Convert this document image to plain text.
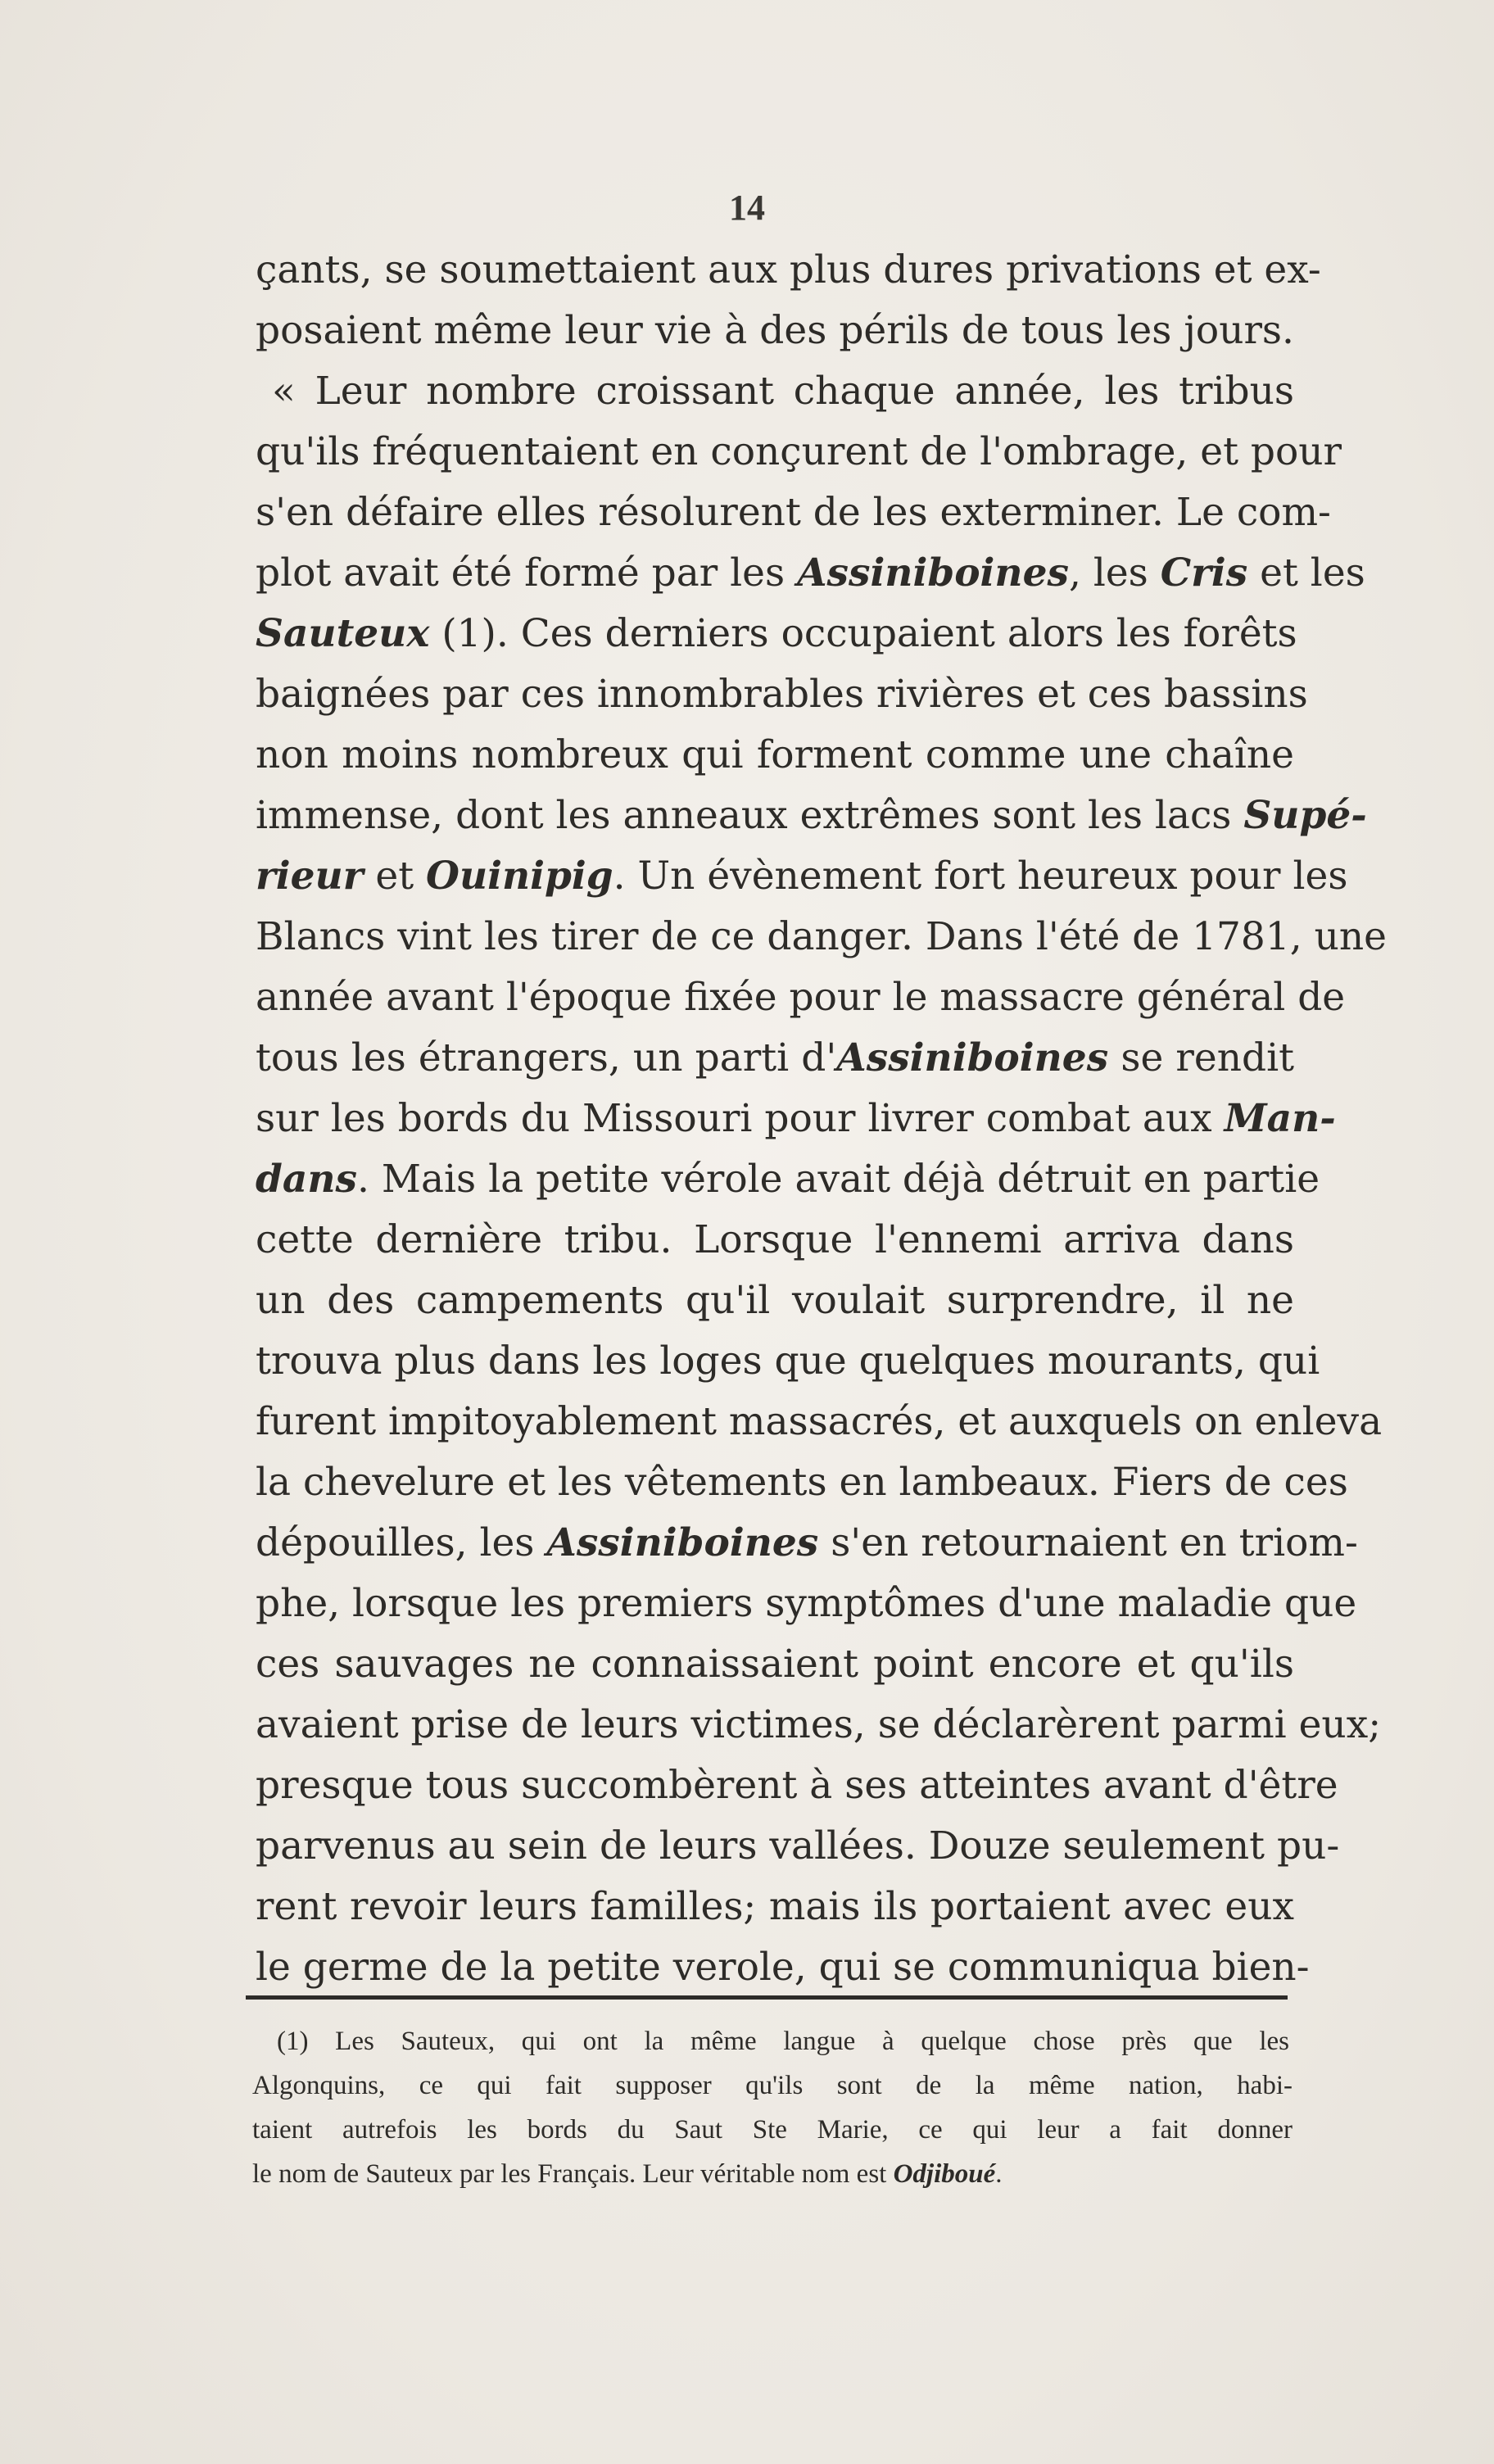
14
çants, se soumettaient aux plus dures privations et ex-
posaient même leur vie à des périls de tous les jours.
« Leur nombre croissant chaque année, les tribus
qu'ils fréquentaient en conçurent de l'ombrage, et pour
s'en défaire elles résolurent de les exterminer. Le com-
plot avait été formé par les Assiniboines, les Cris et les
Sauteux (1). Ces derniers occupaient alors les forêts
baignées par ces innombrables rivières et ces bassins
non moins nombreux qui forment comme une chaîne
immense, dont les anneaux extrêmes sont les lacs Supé-
rieur et Ouinipig. Un évènement fort heureux pour les
Blancs vint les tirer de ce danger. Dans l'été de 1781, une
année avant l'époque fixée pour le massacre général de
tous les étrangers, un parti d'Assiniboines se rendit
sur les bords du Missouri pour livrer combat aux Man-
dans. Mais la petite vérole avait déjà détruit en partie
cette dernière tribu. Lorsque l'ennemi arriva dans
un des campements qu'il voulait surprendre, il ne
trouva plus dans les loges que quelques mourants, qui
furent impitoyablement massacrés, et auxquels on enleva
la chevelure et les vêtements en lambeaux. Fiers de ces
dépouilles, les Assiniboines s'en retournaient en triom-
phe, lorsque les premiers symptômes d'une maladie que
ces sauvages ne connaissaient point encore et qu'ils
avaient prise de leurs victimes, se déclarèrent parmi eux;
presque tous succombèrent à ses atteintes avant d'être
parvenus au sein de leurs vallées. Douze seulement pu-
rent revoir leurs familles; mais ils portaient avec eux
le germe de la petite verole, qui se communiqua bien-
(1) Les Sauteux, qui ont la même langue à quelque chose près que les
Algonquins, ce qui fait supposer qu'ils sont de la même nation, habi-
taient autrefois les bords du Saut Ste Marie, ce qui leur a fait donner
le nom de Sauteux par les Français. Leur véritable nom est Odjiboué.
